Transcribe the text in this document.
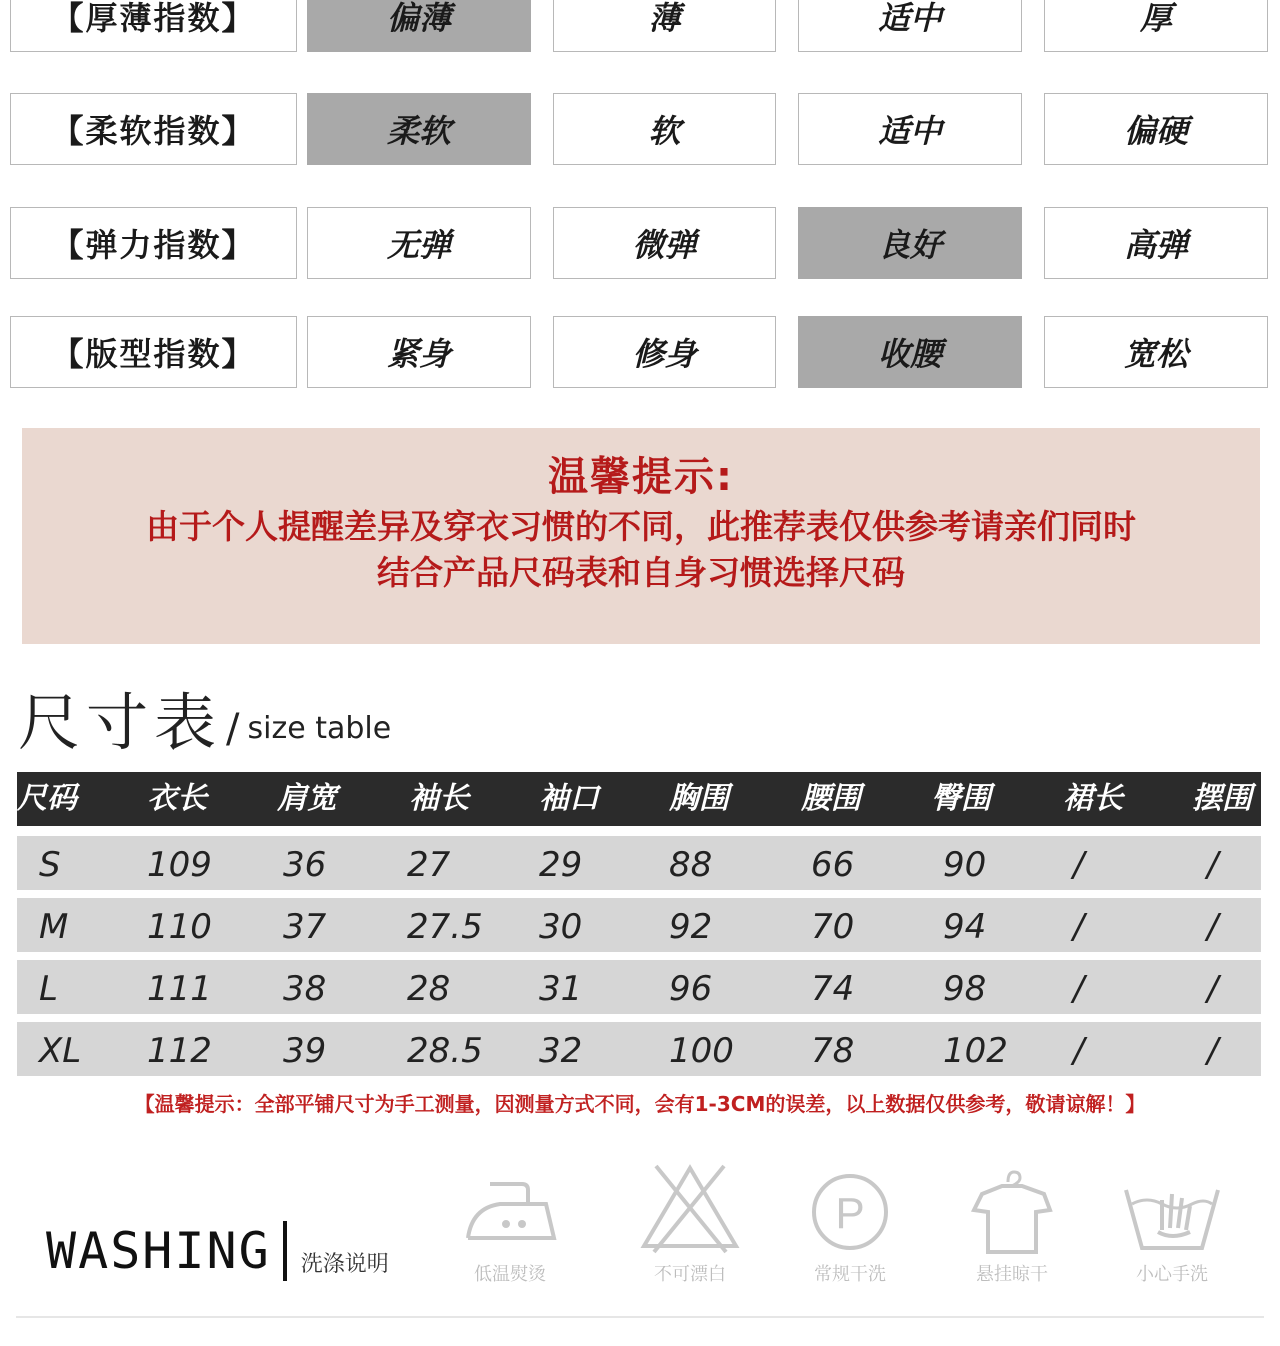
【厚薄指数】	偏薄	薄	适中	厚
【柔软指数】	柔软	软	适中	偏硬
【弹力指数】	无弹	微弹	良好	高弹
【版型指数】	紧身	修身	收腰	宽松
温馨提示:
由于个人提醒差异及穿衣习惯的不同，此推荐表仅供参考请亲们同时
结合产品尺码表和自身习惯选择尺码
尺寸表 / size table
尺码 衣长 肩宽 袖长 袖口 胸围 腰围 臀围 裙长 摆围
S	109 36 27	29	88	66	90	/	/
M 110 37 27.5 30	92	70	94	/	/
L	111 38 28	31	96	74	98	/	/
XL 112 39 28.5 32	100 78	102 /	/
【温馨提示：全部平铺尺寸为手工测量，因测量方式不同，会有1-3CM的误差，以上数据仅供参考，敬请谅解！】
WASHING 洗涤说明	低温熨烫	不可漂白
P
常规干洗	悬挂晾干	小心手洗
